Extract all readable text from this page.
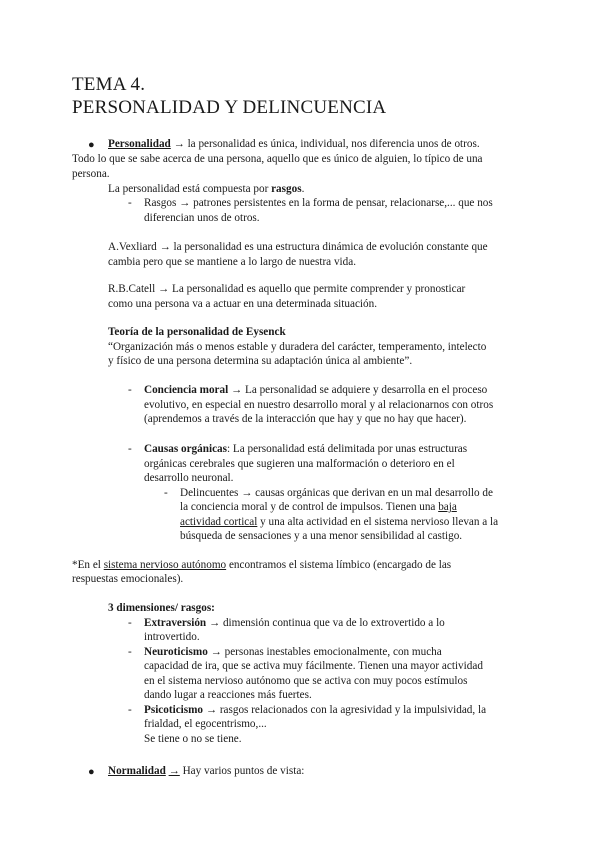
TEMA 4.
PERSONALIDAD Y DELINCUENCIA
● Personalidad → la personalidad es única, individual, nos diferencia unos de otros.
Todo lo que se sabe acerca de una persona, aquello que es único de alguien, lo típico de una
persona.
La personalidad está compuesta por rasgos.
- Rasgos → patrones persistentes en la forma de pensar, relacionarse,... que nos
diferencian unos de otros.
A.Vexliard → la personalidad es una estructura dinámica de evolución constante que
cambia pero que se mantiene a lo largo de nuestra vida.
R.B.Catell → La personalidad es aquello que permite comprender y pronosticar
como una persona va a actuar en una determinada situación.
Teoría de la personalidad de Eysenck
“Organización más o menos estable y duradera del carácter, temperamento, intelecto
y físico de una persona determina su adaptación única al ambiente”.
- Conciencia moral → La personalidad se adquiere y desarrolla en el proceso
evolutivo, en especial en nuestro desarrollo moral y al relacionarnos con otros
(aprendemos a través de la interacción que hay y que no hay que hacer).
- Causas orgánicas: La personalidad está delimitada por unas estructuras
orgánicas cerebrales que sugieren una malformación o deterioro en el
desarrollo neuronal.
- Delincuentes → causas orgánicas que derivan en un mal desarrollo de
la conciencia moral y de control de impulsos. Tienen una baja
actividad cortical y una alta actividad en el sistema nervioso llevan a la
búsqueda de sensaciones y a una menor sensibilidad al castigo.
*En el sistema nervioso autónomo encontramos el sistema límbico (encargado de las
respuestas emocionales).
3 dimensiones/ rasgos:
- Extraversión → dimensión continua que va de lo extrovertido a lo
introvertido.
- Neuroticismo → personas inestables emocionalmente, con mucha
capacidad de ira, que se activa muy fácilmente. Tienen una mayor actividad
en el sistema nervioso autónomo que se activa con muy pocos estímulos
dando lugar a reacciones más fuertes.
- Psicoticismo → rasgos relacionados con la agresividad y la impulsividad, la
frialdad, el egocentrismo,...
Se tiene o no se tiene.
● Normalidad → Hay varios puntos de vista:
